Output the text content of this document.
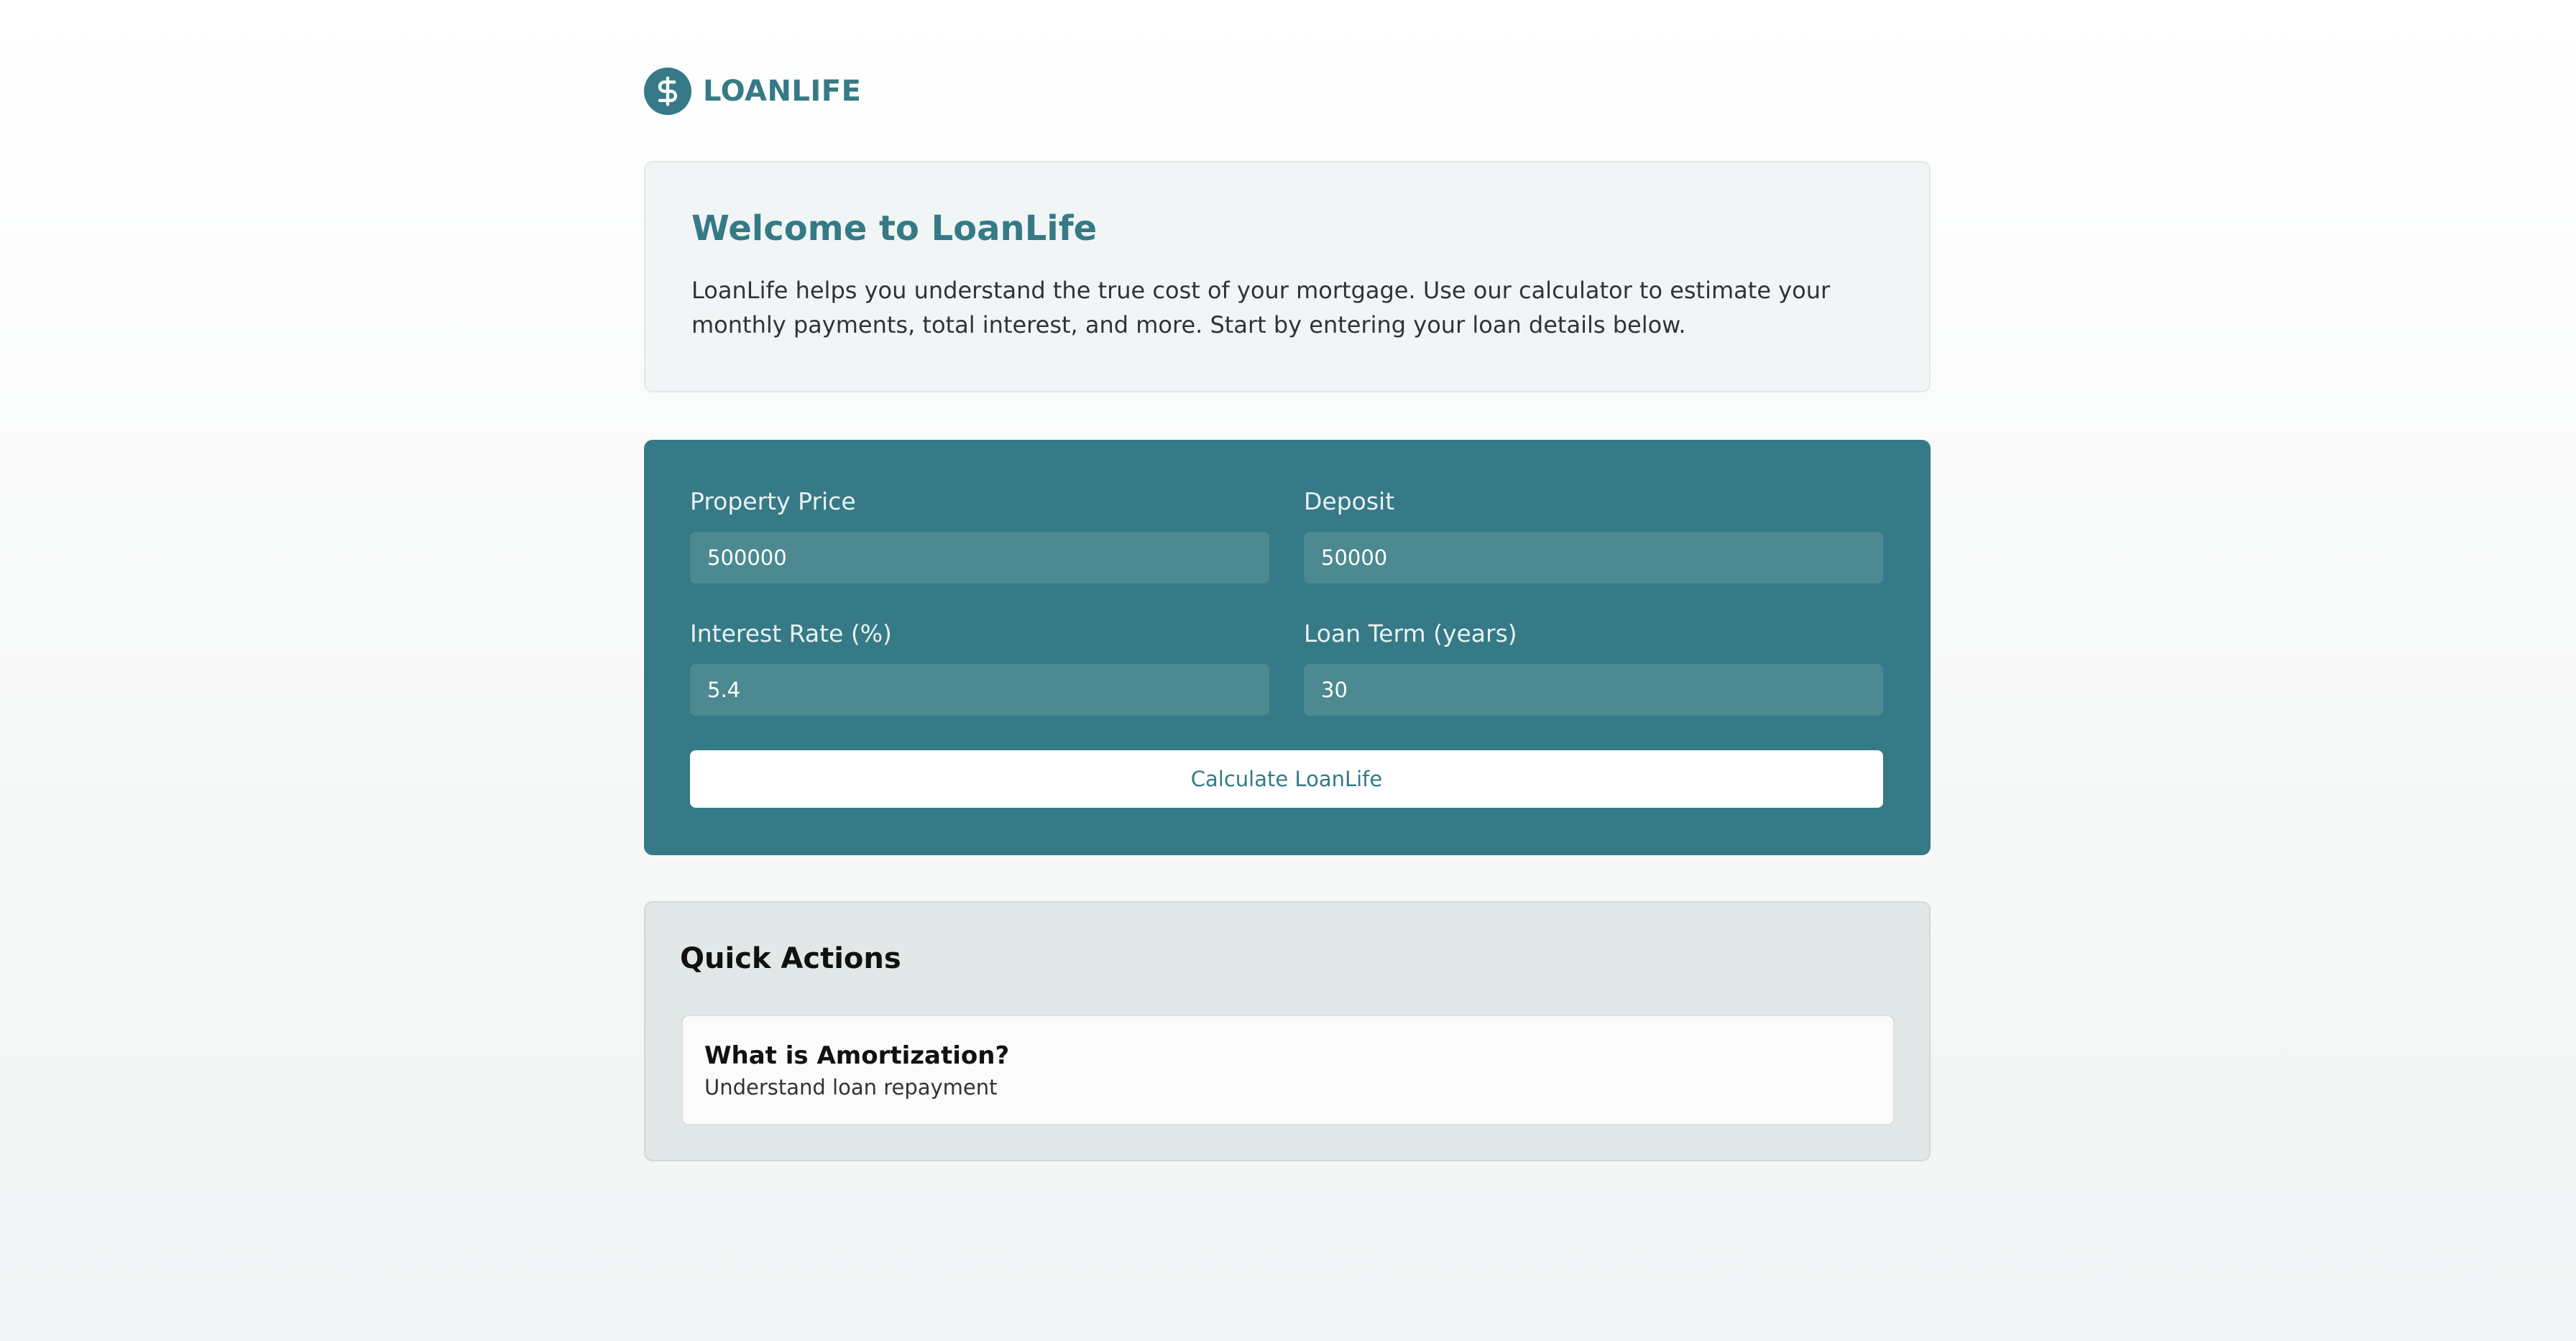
LOANLIFE
Welcome to LoanLife

LoanLife helps you understand the true cost of your mortgage. Use our calculator to estimate your monthly payments, total interest, and more. Start by entering your loan details below.

Property Price
500000	Deposit
50000
Interest Rate (%)
5.4	Loan Term (years)
30
Calculate LoanLife
Quick Actions
What is Amortization?
Understand loan repayment
